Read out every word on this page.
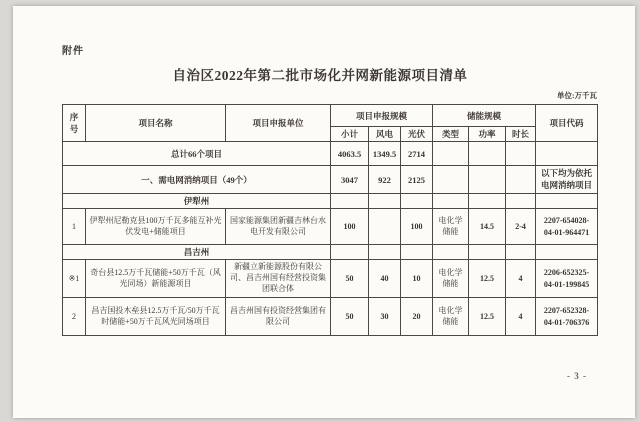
附件
自治区2022年第二批市场化并网新能源项目清单
单位:万千瓦
序号	项目名称	项目申报单位	项目申报规模			储能规模			项目代码
			小计	风电	光伏	类型	功率	时长	
总计66个项目			4063.5	1349.5	2714				
一、需电网消纳项目（49个）			3047	922	2125				以下均为依托电网消纳项目
伊犁州									
1	伊犁州尼勒克县100万千瓦多能互补光伏发电+储能项目	国家能源集团新疆吉林台水电开发有限公司	100		100	电化学储能	14.5	2-4	2207-654028-04-01-964471
昌吉州									
※1	奇台县12.5万千瓦储能+50万千瓦（风光同场）新能源项目	新疆立新能源股份有限公司、昌吉州国有经营投资集团联合体	50	40	10	电化学储能	12.5	4	2206-652325-04-01-199845
2	昌吉国投木垒县12.5万千瓦/50万千瓦时储能+50万千瓦风光同场项目	昌吉州国有投资经营集团有限公司	50	30	20	电化学储能	12.5	4	2207-652328-04-01-706376
- 3 -
